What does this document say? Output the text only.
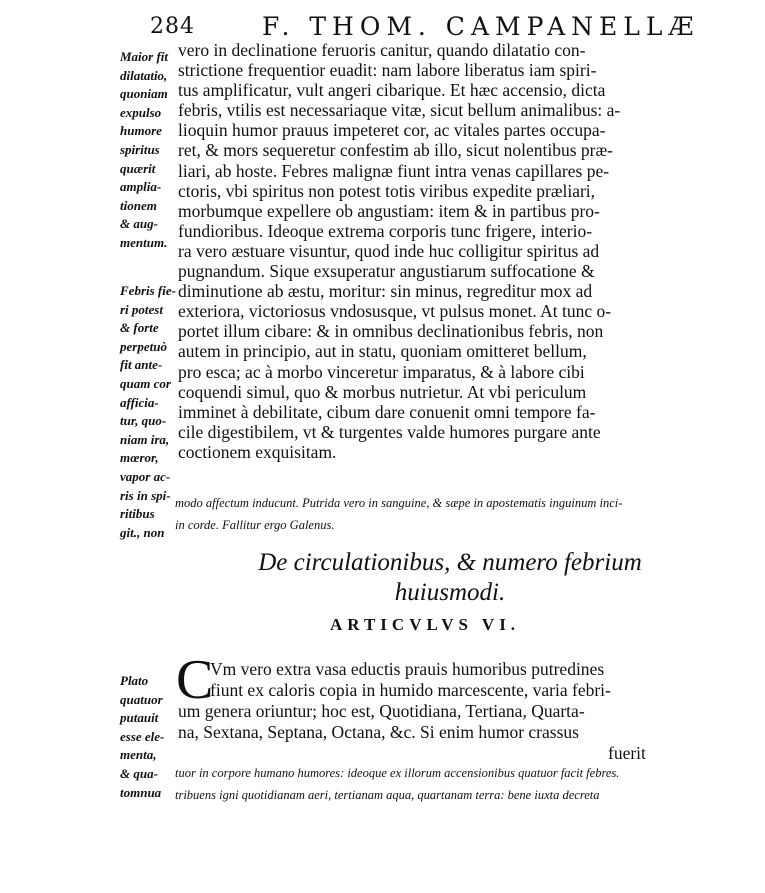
284	F. THOM. CAMPANELLÆ
Maior fit
dilatatio,
quoniam
expulso
humore
spiritus
quærit
amplia-
tionem
& aug-
mentum.
Febris fie-
ri potest
& forte
perpetuò
fit ante-
quam cor
afficia-
tur, quo-
niam ira,
mœror,
vapor ac-
ris in spi-
ritibus
git., non
Plato
quatuor
putauit
esse ele-
menta,
& qua-
tomnua
vero in declinatione feruoris canitur, quando dilatatio con-
strictione frequentior euadit: nam labore liberatus iam spiri-
tus amplificatur, vult angeri cibarique. Et hæc accensio, dicta
febris, vtilis est necessariaque vitæ, sicut bellum animalibus: a-
lioquin humor prauus impeteret cor, ac vitales partes occupa-
ret, & mors sequeretur confestim ab illo, sicut nolentibus præ-
liari, ab hoste. Febres malignæ fiunt intra venas capillares pe-
ctoris, vbi spiritus non potest totis viribus expedite præliari,
morbumque expellere ob angustiam: item & in partibus pro-
fundioribus. Ideoque extrema corporis tunc frigere, interio-
ra vero æstuare visuntur, quod inde huc colligitur spiritus ad
pugnandum. Sique exsuperatur angustiarum suffocatione &
diminutione ab æstu, moritur: sin minus, regreditur mox ad
exteriora, victoriosus vndosusque, vt pulsus monet. At tunc o-
portet illum cibare: & in omnibus declinationibus febris, non
autem in principio, aut in statu, quoniam omitteret bellum,
pro esca; ac à morbo vinceretur imparatus, & à labore cibi
coquendi simul, quo & morbus nutrietur. At vbi periculum
imminet à debilitate, cibum dare conuenit omni tempore fa-
cile digestibilem, vt & turgentes valde humores purgare ante
coctionem exquisitam.
modo affectum inducunt. Putrida vero in sanguine, & sæpe in apostematis inguinum inci-
in corde. Fallitur ergo Galenus.
De circulationibus, & numero febrium
huiusmodi.
ARTICVLVS VI.
C
Vm vero extra vasa eductis prauis humoribus putredines
fiunt ex caloris copia in humido marcescente, varia febri-
um genera oriuntur; hoc est, Quotidiana, Tertiana, Quarta-
na, Sextana, Septana, Octana, &c. Si enim humor crassus
fuerit
tuor in corpore humano humores: ideoque ex illorum accensionibus quatuor facit febres.
tribuens igni quotidianam aeri, tertianam aqua, quartanam terra: bene iuxta decreta
